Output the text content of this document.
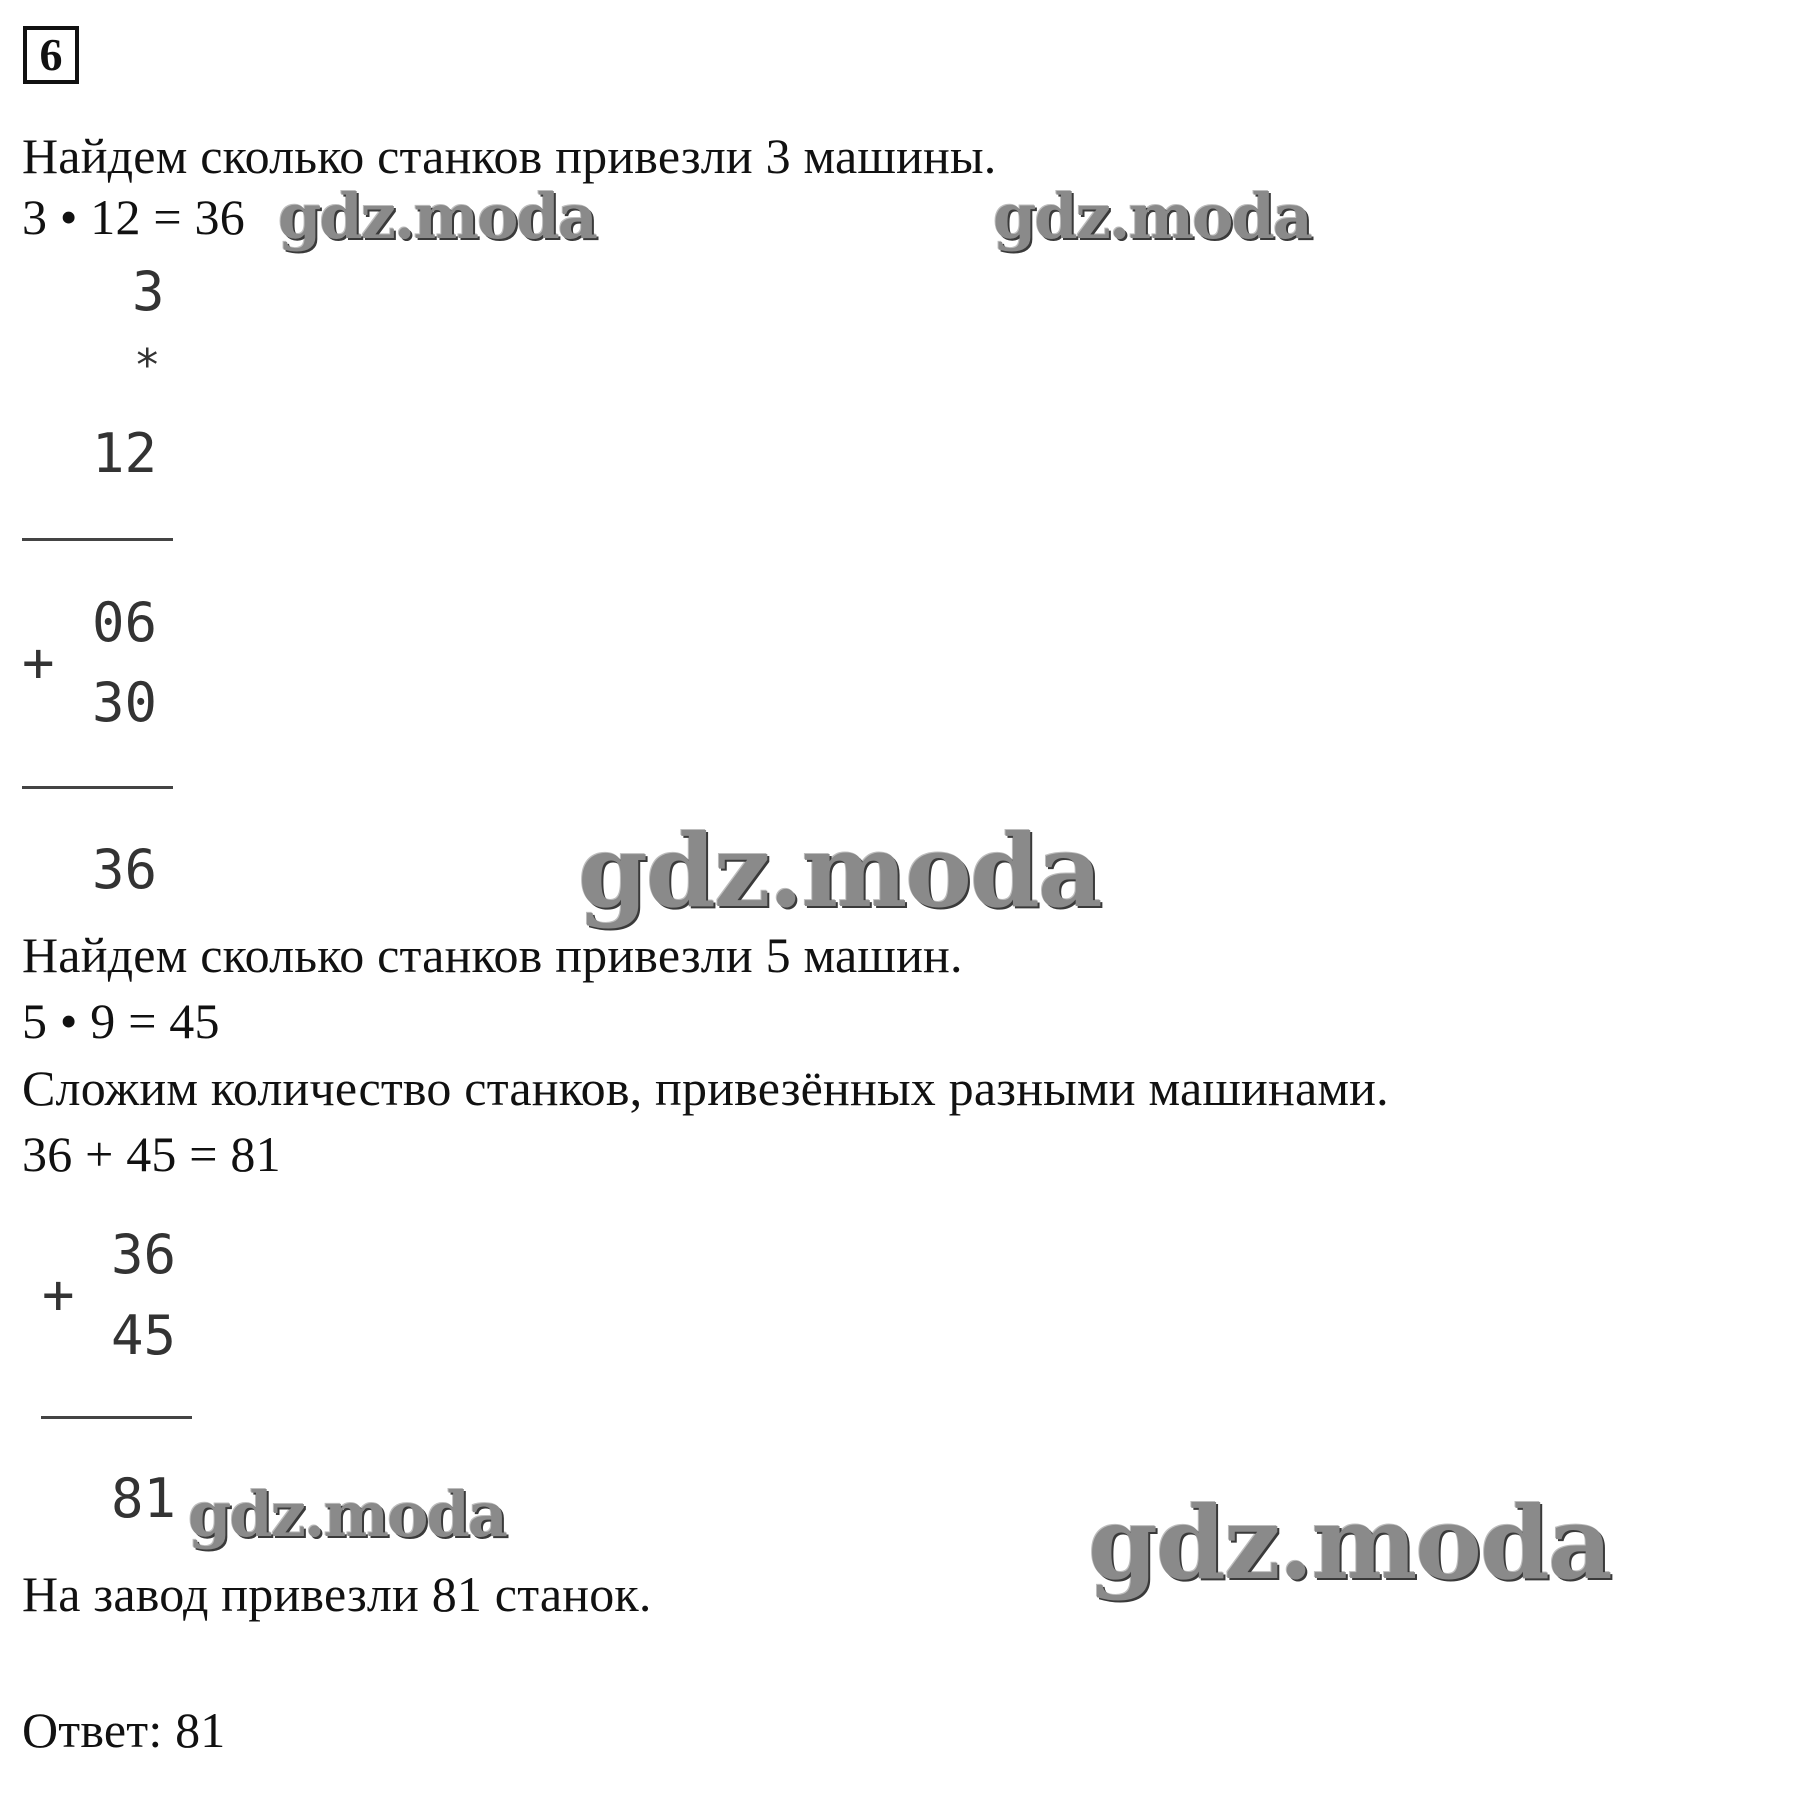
6
Найдем сколько станков привезли 3 машины.
3 • 12 = 36
3
*
12
+
06
30
36
Найдем сколько станков привезли 5 машин.
5 • 9 = 45
Сложим количество станков, привезённых разными машинами.
36 + 45 = 81
+
36
45
81
На завод привезли 81 станок.
Ответ: 81
gdz.moda	gdz.moda
gdz.moda
gdz.moda	gdz.moda
